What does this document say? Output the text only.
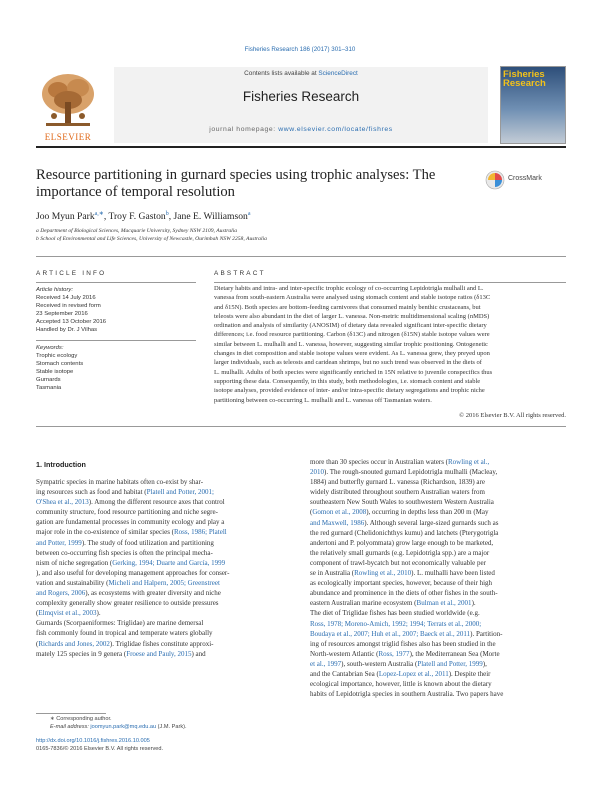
Fisheries Research 186 (2017) 301–310
Contents lists available at ScienceDirect
Fisheries Research
journal homepage: www.elsevier.com/locate/fishres
ELSEVIER
Fisheries Research
Resource partitioning in gurnard species using trophic analyses: The importance of temporal resolution
CrossMark
Joo Myun Park$^{a,∗}$, Troy F. Gaston$^b$, Jane E. Williamson$^a$
a Department of Biological Sciences, Macquarie University, Sydney NSW 2109, Australia
b School of Environmental and Life Sciences, University of Newcastle, Ourimbah NSW 2258, Australia
ARTICLE INFO
Article history:
Received 14 July 2016
Received in revised form
23 September 2016
Accepted 13 October 2016
Handled by Dr. J Vilhas
Keywords:
Trophic ecology
Stomach contents
Stable isotope
Gurnards
Tasmania
ABSTRACT
Dietary habits and intra- and inter-specific trophic ecology of co-occurring Lepidotrigla mulhalli and L.
vanessa from south-eastern Australia were analysed using stomach content and stable isotope ratios (δ13C
and δ15N). Both species are bottom-feeding carnivores that consumed mainly benthic crustaceans, but
teleosts were also abundant in the diet of larger L. vanessa. Non-metric multidimensional scaling (nMDS)
ordination and analysis of similarity (ANOSIM) of dietary data revealed significant inter-specific dietary
differences; i.e. food resource partitioning. Carbon (δ13C) and nitrogen (δ15N) stable isotope values were
similar between L. mulhalli and L. vanessa, however, suggesting similar trophic positioning. Ontogenetic
changes in diet composition and stable isotope values were evident. As L. vanessa grew, they preyed upon
larger individuals, such as teleosts and caridean shrimps, but no such trend was observed in the diets of
L. mulhalli. Adults of both species were significantly enriched in 15N relative to juvenile conspecifics thus
supporting these data. Consequently, in this study, both methodologies, i.e. stomach content and stable
isotope analyses, provided evidence of inter- and/or intra-specific dietary segregations and trophic niche
partitioning between co-occurring L. mulhalli and L. vanessa off Tasmanian waters.
© 2016 Elsevier B.V. All rights reserved.
1. Introduction
Sympatric species in marine habitats often co-exist by shar-
ing resources such as food and habitat (Platell and Potter, 2001;
O'Shea et al., 2013). Among the different resource axes that control
community structure, food resource partitioning and niche segre-
gation are fundamental processes in community ecology and play a
major role in the co-existence of similar species (Ross, 1986; Platell
and Potter, 1999). The study of food utilization and partitioning
between co-occurring fish species is often the principal mecha-
nism of niche segregation (Gerking, 1994; Duarte and García, 1999
), and also useful for developing management approaches for conser-
vation and sustainability (Micheli and Halpern, 2005; Greenstreet
and Rogers, 2006), as ecosystems with greater diversity and niche
complexity generally show greater resilience to outside pressures
(Elmqvist et al., 2003).
Gurnards (Scorpaeniformes: Triglidae) are marine demersal
fish commonly found in tropical and temperate waters globally
(Richards and Jones, 2002). Triglidae fishes constitute approxi-
mately 125 species in 9 genera (Froese and Pauly, 2015) and
more than 30 species occur in Australian waters (Rowling et al.,
2010). The rough-snouted gurnard Lepidotrigla mulhalli (Macleay,
1884) and butterfly gurnard L. vanessa (Richardson, 1839) are
widely distributed throughout southern Australian waters from
southeastern New South Wales to southwestern Western Australia
(Gomon et al., 2008), occurring in depths less than 200 m (May
and Maxwell, 1986). Although several large-sized gurnards such as
the red gurnard (Chelidonichthys kumu) and latchets (Pterygotrigla
andertoni and P. polyommata) grow large enough to be marketed,
the relatively small gurnards (e.g. Lepidotrigla spp.) are a major
component of trawl-bycatch but not economically valuable per
se in Australia (Rowling et al., 2010). L. mulhalli have been listed
as ecologically important species, however, because of their high
abundance and prominence in the diets of other fishes in the south-
eastern Australian marine ecosystem (Bulman et al., 2001).
The diet of Triglidae fishes has been studied worldwide (e.g.
Ross, 1978; Moreno-Amich, 1992; 1994; Terrats et al., 2000;
Boudaya et al., 2007; Huh et al., 2007; Baeck et al., 2011). Partition-
ing of resources amongst triglid fishes also has been studied in the
North-western Atlantic (Ross, 1977), the Mediterranean Sea (Morte
et al., 1997), south-western Australia (Platell and Potter, 1999),
and the Cantabrian Sea (Lopez-Lopez et al., 2011). Despite their
ecological importance, however, little is known about the dietary
habits of Lepidotrigla species in southern Australia. Two papers have
∗ Corresponding author.
E-mail address: joomyun.park@mq.edu.au (J.M. Park).
http://dx.doi.org/10.1016/j.fishres.2016.10.005
0165-7836/© 2016 Elsevier B.V. All rights reserved.
